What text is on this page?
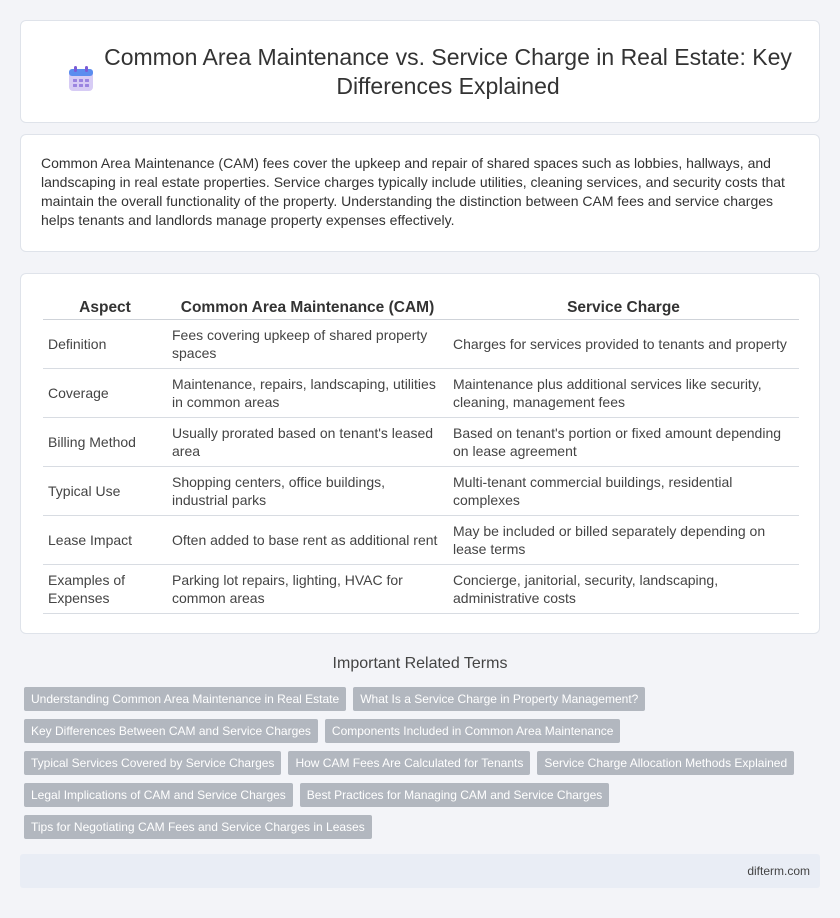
Common Area Maintenance vs. Service Charge in Real Estate: Key Differences Explained

Common Area Maintenance (CAM) fees cover the upkeep and repair of shared spaces such as lobbies, hallways, and landscaping in real estate properties. Service charges typically include utilities, cleaning services, and security costs that maintain the overall functionality of the property. Understanding the distinction between CAM fees and service charges helps tenants and landlords manage property expenses effectively.

Aspect	Common Area Maintenance (CAM)	Service Charge
Definition	Fees covering upkeep of shared property spaces	Charges for services provided to tenants and property
Coverage	Maintenance, repairs, landscaping, utilities in common areas	Maintenance plus additional services like security, cleaning, management fees
Billing Method	Usually prorated based on tenant's leased area	Based on tenant's portion or fixed amount depending on lease agreement
Typical Use	Shopping centers, office buildings, industrial parks	Multi-tenant commercial buildings, residential complexes
Lease Impact	Often added to base rent as additional rent	May be included or billed separately depending on lease terms
Examples of Expenses	Parking lot repairs, lighting, HVAC for common areas	Concierge, janitorial, security, landscaping, administrative costs
Important Related Terms
Understanding Common Area Maintenance in Real Estate	What Is a Service Charge in Property Management?
Key Differences Between CAM and Service Charges	Components Included in Common Area Maintenance
Typical Services Covered by Service Charges	How CAM Fees Are Calculated for Tenants	Service Charge Allocation Methods Explained
Legal Implications of CAM and Service Charges	Best Practices for Managing CAM and Service Charges
Tips for Negotiating CAM Fees and Service Charges in Leases
difterm.com
